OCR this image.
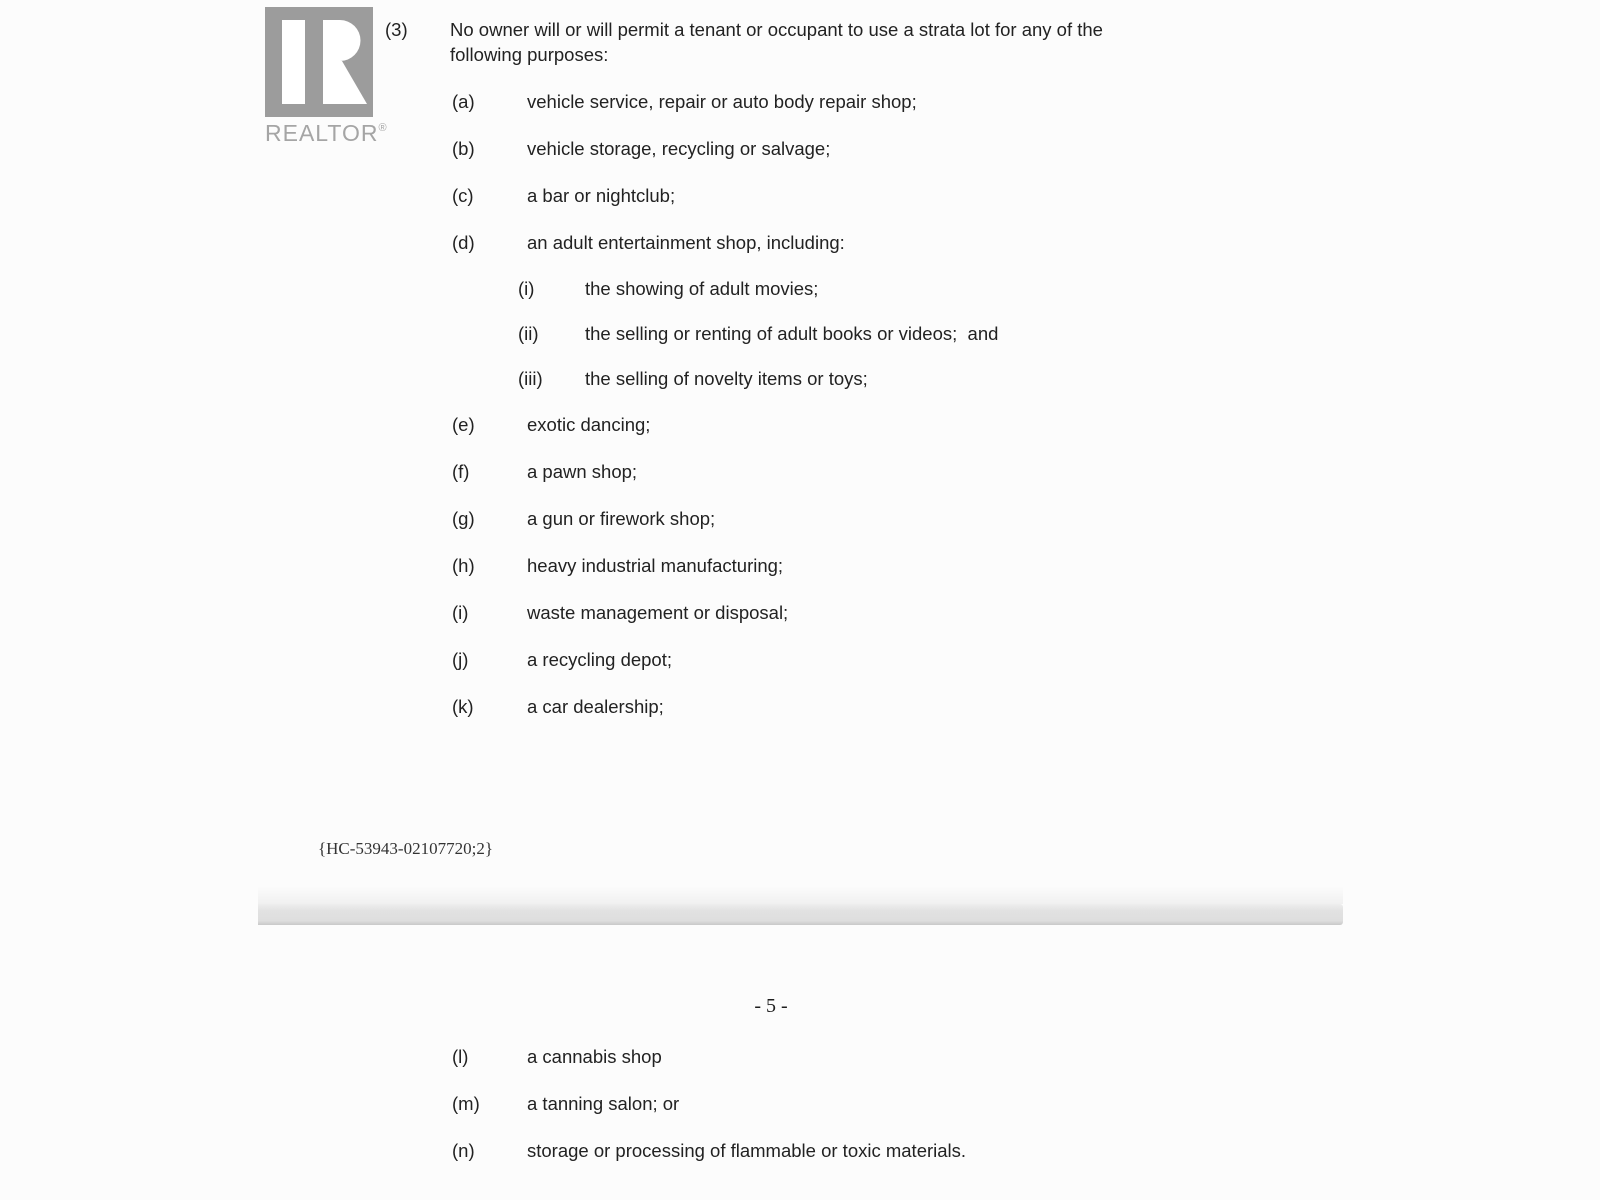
REALTOR®
(3)	No owner will or will permit a tenant or occupant to use a strata lot for any of the
following purposes:
(a)	vehicle service, repair or auto body repair shop;
(b)	vehicle storage, recycling or salvage;
(c)	a bar or nightclub;
(d)	an adult entertainment shop, including:
(i)	the showing of adult movies;
(ii)	the selling or renting of adult books or videos;  and
(iii)	the selling of novelty items or toys;
(e)	exotic dancing;
(f)	a pawn shop;
(g)	a gun or firework shop;
(h)	heavy industrial manufacturing;
(i)	waste management or disposal;
(j)	a recycling depot;
(k)	a car dealership;
{HC-53943-02107720;2}
- 5 -
(l)	a cannabis shop
(m)	a tanning salon; or
(n)	storage or processing of flammable or toxic materials.
